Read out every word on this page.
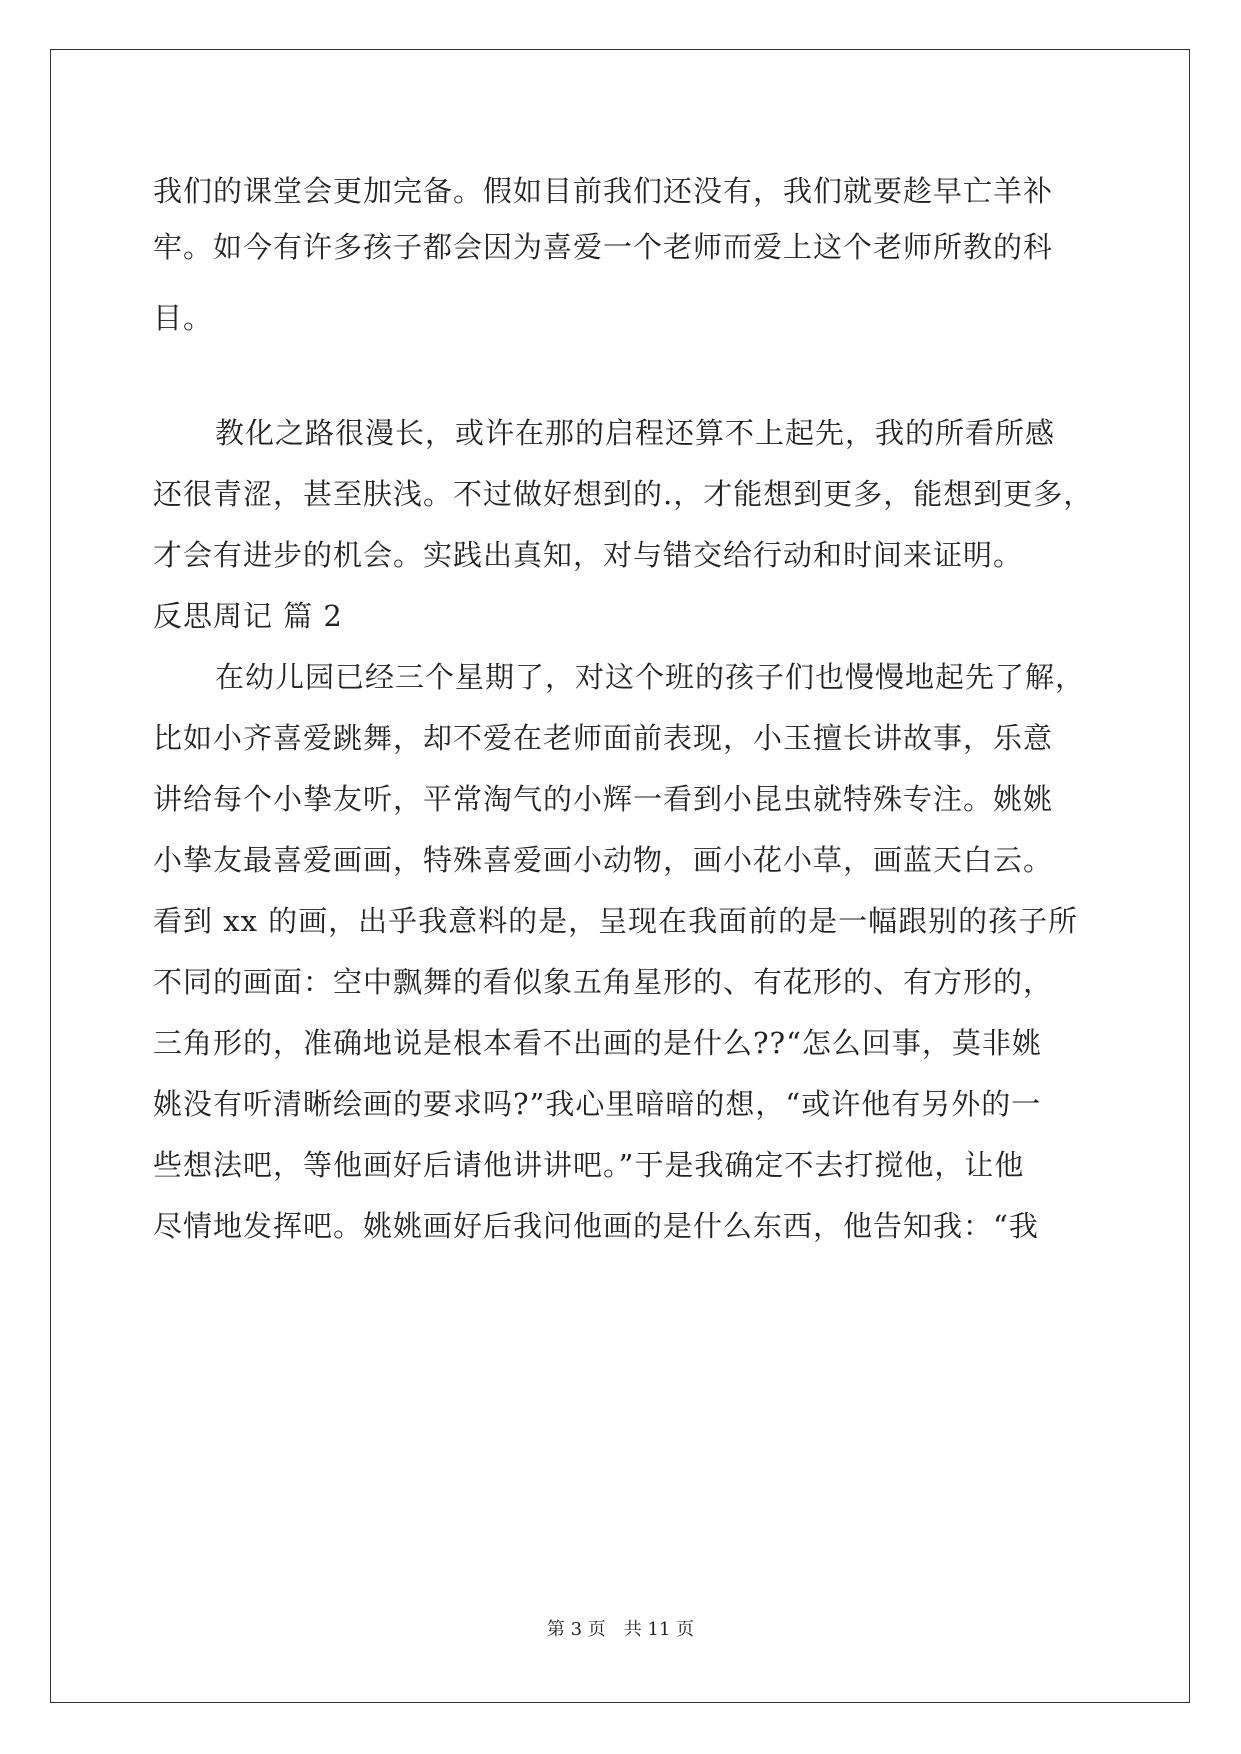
我们的课堂会更加完备。假如目前我们还没有，我们就要趁早亡羊补
牢。如今有许多孩子都会因为喜爱一个老师而爱上这个老师所教的科
目。
教化之路很漫长，或许在那的启程还算不上起先，我的所看所感
还很青涩，甚至肤浅。不过做好想到的.，才能想到更多，能想到更多，
才会有进步的机会。实践出真知，对与错交给行动和时间来证明。
反思周记 篇 2
在幼儿园已经三个星期了，对这个班的孩子们也慢慢地起先了解，
比如小齐喜爱跳舞，却不爱在老师面前表现，小玉擅长讲故事，乐意
讲给每个小挚友听，平常淘气的小辉一看到小昆虫就特殊专注。姚姚
小挚友最喜爱画画，特殊喜爱画小动物，画小花小草，画蓝天白云。
看到 xx 的画，出乎我意料的是，呈现在我面前的是一幅跟别的孩子所
不同的画面：空中飘舞的看似象五角星形的、有花形的、有方形的，
三角形的，准确地说是根本看不出画的是什么??“怎么回事，莫非姚
姚没有听清晰绘画的要求吗?”我心里暗暗的想，“或许他有另外的一
些想法吧，等他画好后请他讲讲吧。”于是我确定不去打搅他，让他
尽情地发挥吧。姚姚画好后我问他画的是什么东西，他告知我：“我
第 3 页 共 11 页
